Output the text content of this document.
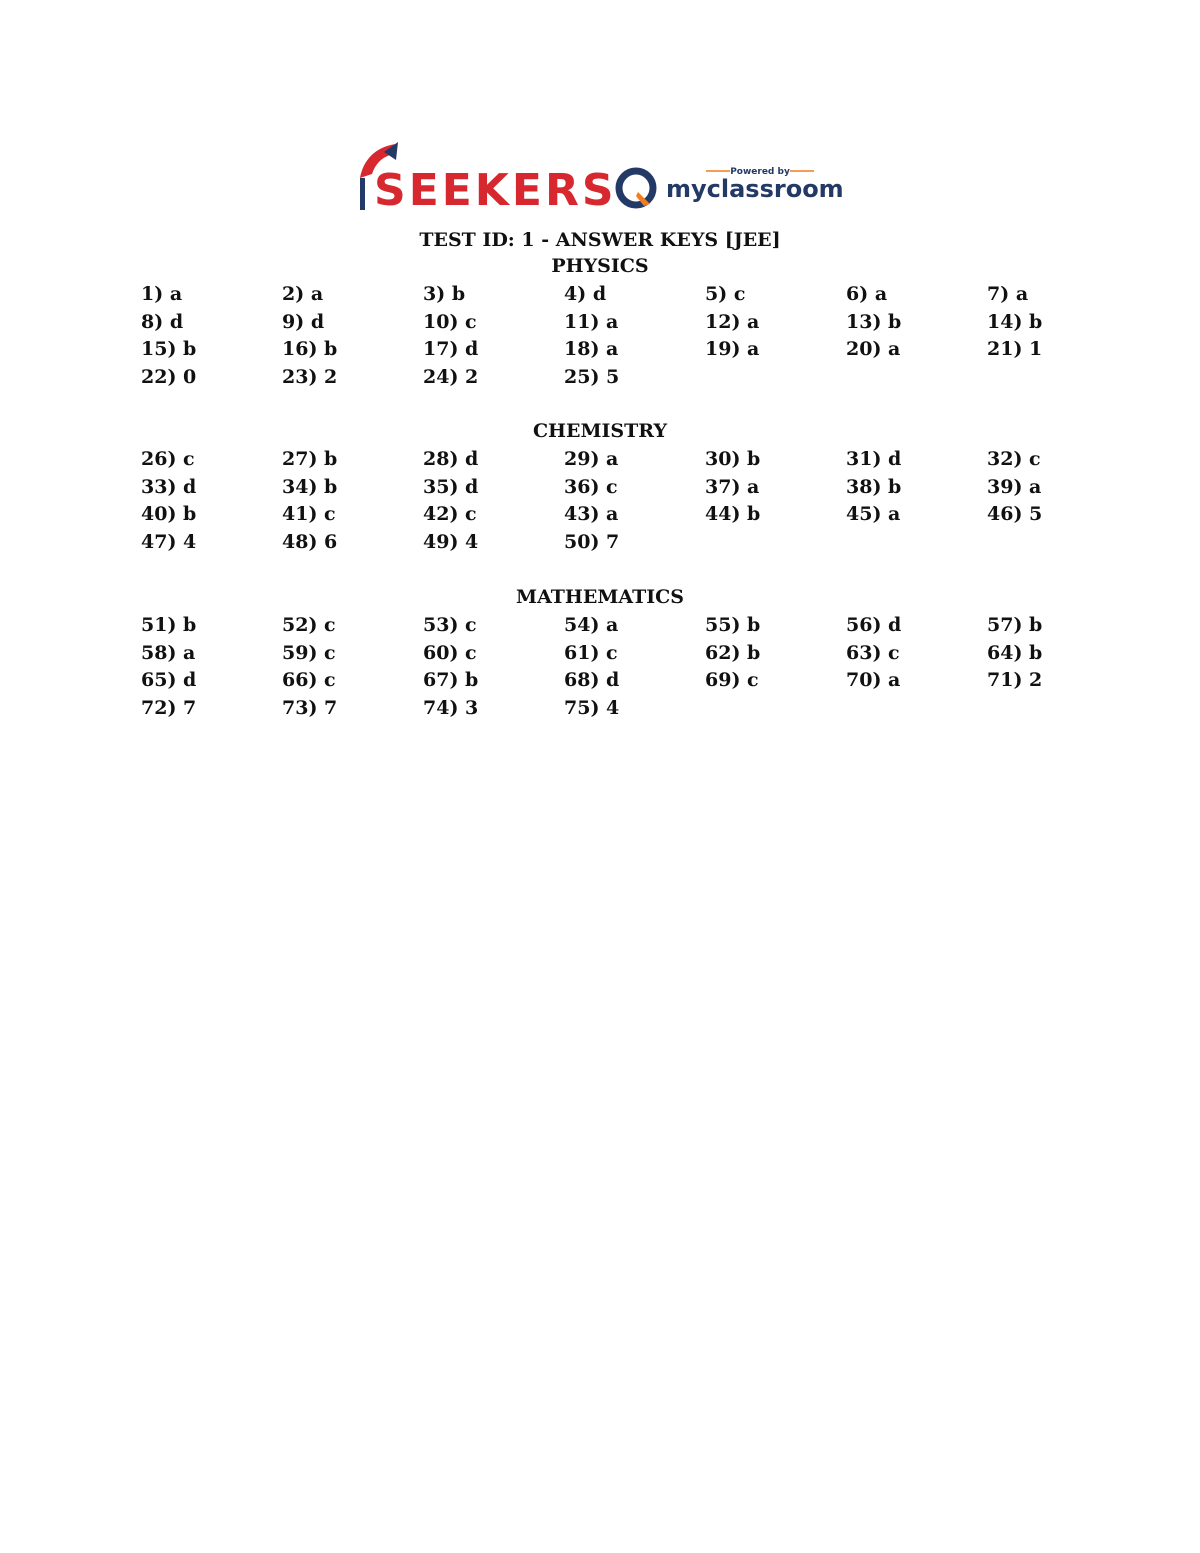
SEEKERS	Powered by
myclassroom
TEST ID: 1 - ANSWER KEYS [JEE]
PHYSICS
1) a	2) a	3) b	4) d	5) c	6) a	7) a
8) d	9) d	10) c	11) a	12) a	13) b	14) b
15) b	16) b	17) d	18) a	19) a	20) a	21) 1
22) 0	23) 2	24) 2	25) 5
CHEMISTRY
26) c	27) b	28) d	29) a	30) b	31) d	32) c
33) d	34) b	35) d	36) c	37) a	38) b	39) a
40) b	41) c	42) c	43) a	44) b	45) a	46) 5
47) 4	48) 6	49) 4	50) 7
MATHEMATICS
51) b	52) c	53) c	54) a	55) b	56) d	57) b
58) a	59) c	60) c	61) c	62) b	63) c	64) b
65) d	66) c	67) b	68) d	69) c	70) a	71) 2
72) 7	73) 7	74) 3	75) 4
